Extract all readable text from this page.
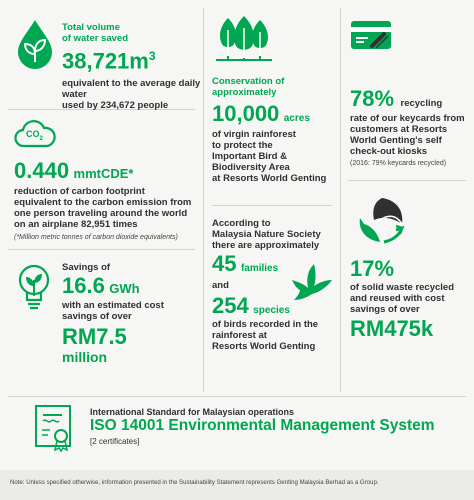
Total volume
of water saved
$38,721m^3$
equivalent to the average daily water
used by 234,672 people
$CO_2$
0.440 mmtCDE*
reduction of carbon footprint
equivalent to the carbon emission from
one person traveling around the world
on an airplane 82,951 times
(*Million metric tonnes of carbon dioxide equivalents)
Savings of
16.6 GWh
with an estimated cost
savings of over
RM7.5
million
Conservation of
approximately
10,000 acres
of virgin rainforest
to protect the
Important Bird &
Biodiversity Area
at Resorts World Genting
According to
Malaysia Nature Society
there are approximately
45 families
and
254 species
of birds recorded in the
rainforest at
Resorts World Genting
78% recycling
rate of our keycards from
customers at Resorts
World Genting's self
check-out kiosks
(2016: 79% keycards recycled)
17%
of solid waste recycled
and reused with cost
savings of over
RM475k
International Standard for Malaysian operations
ISO 14001 Environmental Management System
[2 certificates]
Note: Unless specified otherwise, information presented in the Sustainability Statement represents Genting Malaysia Berhad as a Group.
